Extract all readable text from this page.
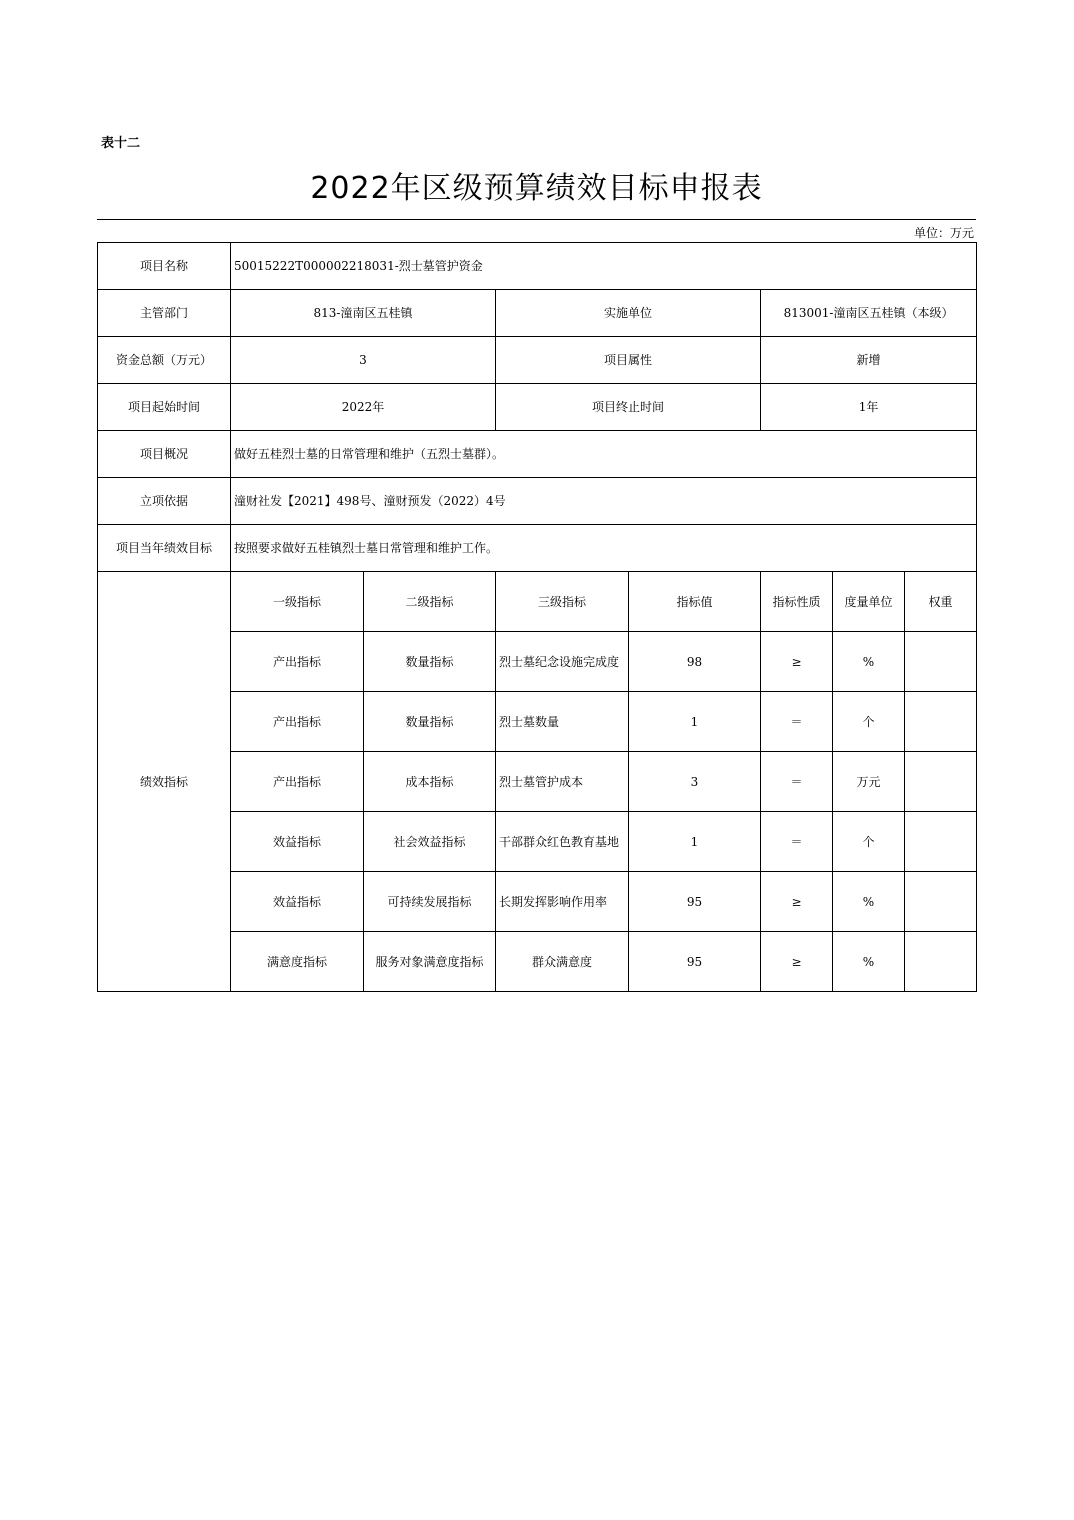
表十二
2022年区级预算绩效目标申报表
单位：万元
项目名称	50015222T000002218031-烈士墓管护资金						
主管部门	813-潼南区五桂镇		实施单位		813001-潼南区五桂镇（本级）		
资金总额（万元）	3		项目属性		新增		
项目起始时间	2022年		项目终止时间		1年		
项目概况	做好五桂烈士墓的日常管理和维护（五烈士墓群）。						
立项依据	潼财社发【2021】498号、潼财预发（2022）4号						
项目当年绩效目标	按照要求做好五桂镇烈士墓日常管理和维护工作。						
绩效指标	一级指标	二级指标	三级指标	指标值	指标性质	度量单位	权重
	产出指标	数量指标	烈士墓纪念设施完成度	98	≥	%	
	产出指标	数量指标	烈士墓数量	1	＝	个	
	产出指标	成本指标	烈士墓管护成本	3	＝	万元	
	效益指标	社会效益指标	干部群众红色教育基地	1	＝	个	
	效益指标	可持续发展指标	长期发挥影响作用率	95	≥	%	
	满意度指标	服务对象满意度指标	群众满意度	95	≥	%	
